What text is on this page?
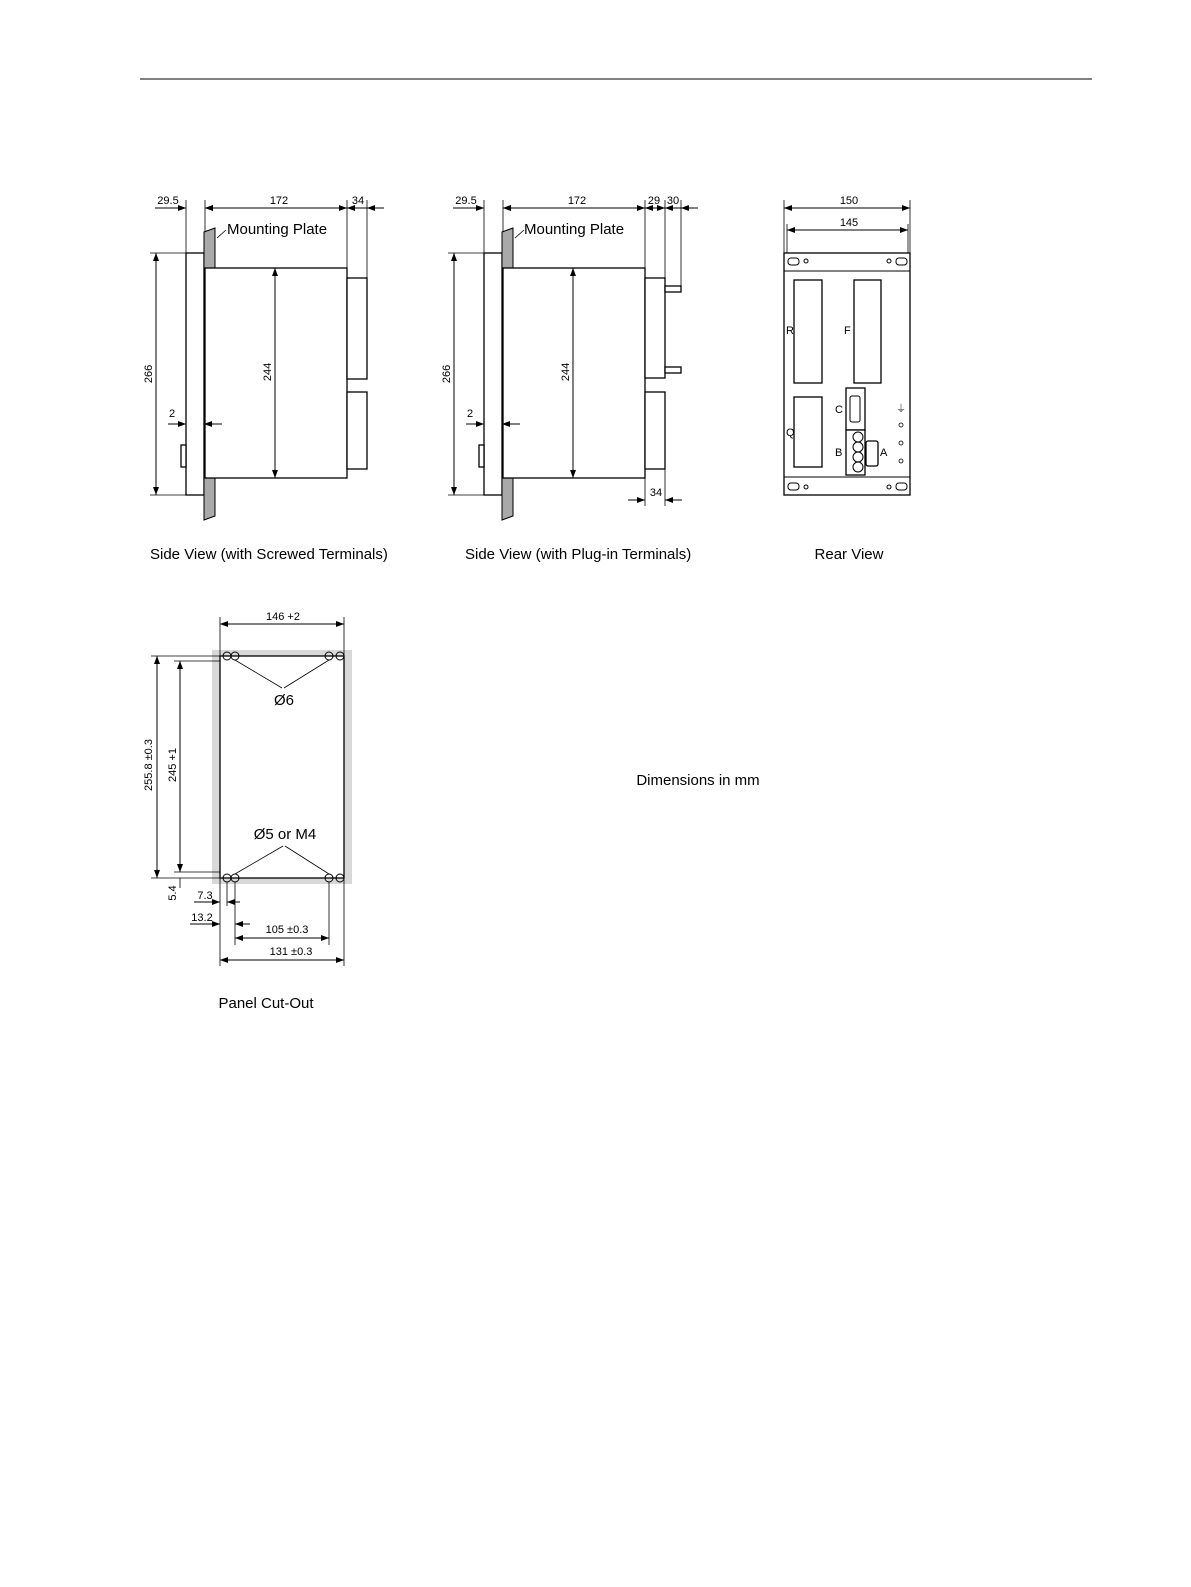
29.5	172	34
Mounting Plate
266	244
2
Side View (with Screwed Terminals)
29.5	172	29 30
Mounting Plate
266	244
2
34
Side View (with Plug-in Terminals)
⏚
R	F
Q
C
B	A
150
145
Rear View
Ø6
Ø5 or M4
146 +2
255.8 ±0.3 245 +1
5.4 7.3
13.2
105 ±0.3
131 ±0.3
Panel Cut-Out
Dimensions in mm
